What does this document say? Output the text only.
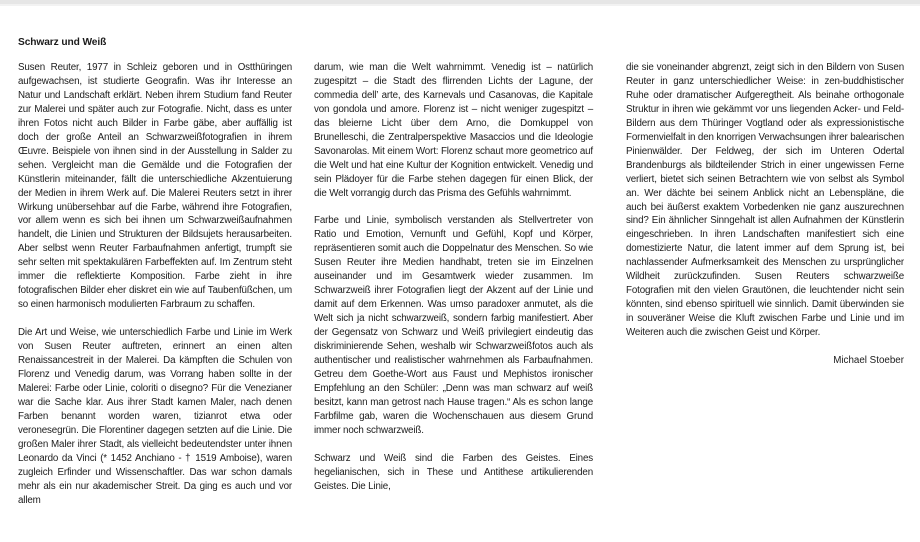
Schwarz und Weiß

Susen Reuter, 1977 in Schleiz geboren und in Ostthüringen aufgewachsen, ist studierte Geografin. Was ihr Interesse an Natur und Landschaft erklärt. Neben ihrem Studium fand Reuter zur Malerei und später auch zur Fotografie. Nicht, dass es unter ihren Fotos nicht auch Bilder in Farbe gäbe, aber auffällig ist doch der große Anteil an Schwarzweißfotografien in ihrem Œuvre. Beispiele von ihnen sind in der Ausstellung in Salder zu sehen. Vergleicht man die Gemälde und die Fotografien der Künstlerin miteinander, fällt die unterschiedliche Akzentuierung der Medien in ihrem Werk auf. Die Malerei Reuters setzt in ihrer Wirkung unübersehbar auf die Farbe, während ihre Fotografien, vor allem wenn es sich bei ihnen um Schwarzweißaufnahmen handelt, die Linien und Strukturen der Bildsujets herausarbeiten. Aber selbst wenn Reuter Farbaufnahmen anfertigt, trumpft sie sehr selten mit spektakulären Farbeffekten auf. Im Zentrum steht immer die reflektierte Komposition. Farbe zieht in ihre fotografischen Bilder eher diskret ein wie auf Taubenfüßchen, um so einen harmonisch modulierten Farbraum zu schaffen.

Die Art und Weise, wie unterschiedlich Farbe und Linie im Werk von Susen Reuter auftreten, erinnert an einen alten Renaissancestreit in der Malerei. Da kämpften die Schulen von Florenz und Venedig darum, was Vorrang haben sollte in der Malerei: Farbe oder Linie, coloriti o disegno? Für die Venezianer war die Sache klar. Aus ihrer Stadt kamen Maler, nach denen Farben benannt worden waren, tizianrot etwa oder veronesegrün. Die Florentiner dagegen setzten auf die Linie. Die großen Maler ihrer Stadt, als vielleicht bedeutendster unter ihnen Leonardo da Vinci (* 1452 Anchiano - † 1519 Amboise), waren zugleich Erfinder und Wissenschaftler. Das war schon damals mehr als ein nur akademischer Streit. Da ging es auch und vor allem

darum, wie man die Welt wahrnimmt. Venedig ist – natürlich zugespitzt – die Stadt des flirrenden Lichts der Lagune, der commedia dell’ arte, des Karnevals und Casanovas, die Kapitale von gondola und amore. Florenz ist – nicht weniger zugespitzt – das bleierne Licht über dem Arno, die Domkuppel von Brunelleschi, die Zentralperspektive Masaccios und die Ideologie Savonarolas. Mit einem Wort: Florenz schaut more geometrico auf die Welt und hat eine Kultur der Kognition entwickelt. Venedig und sein Plädoyer für die Farbe stehen dagegen für einen Blick, der die Welt vorrangig durch das Prisma des Gefühls wahrnimmt.

Farbe und Linie, symbolisch verstanden als Stellvertreter von Ratio und Emotion, Vernunft und Gefühl, Kopf und Körper, repräsentieren somit auch die Doppelnatur des Menschen. So wie Susen Reuter ihre Medien handhabt, treten sie im Einzelnen auseinander und im Gesamtwerk wieder zusammen. Im Schwarzweiß ihrer Fotografien liegt der Akzent auf der Linie und damit auf dem Erkennen. Was umso paradoxer anmutet, als die Welt sich ja nicht schwarzweiß, sondern farbig manifestiert. Aber der Gegensatz von Schwarz und Weiß privilegiert eindeutig das diskriminierende Sehen, weshalb wir Schwarzweißfotos auch als authentischer und realistischer wahrnehmen als Farbaufnahmen. Getreu dem Goethe-Wort aus Faust und Mephistos ironischer Empfehlung an den Schüler: „Denn was man schwarz auf weiß besitzt, kann man getrost nach Hause tragen.“ Als es schon lange Farbfilme gab, waren die Wochenschauen aus diesem Grund immer noch schwarzweiß.

Schwarz und Weiß sind die Farben des Geistes. Eines hegelianischen, sich in These und Antithese artikulierenden Geistes. Die Linie,

die sie voneinander abgrenzt, zeigt sich in den Bildern von Susen Reuter in ganz unterschiedlicher Weise: in zen-buddhistischer Ruhe oder dramatischer Aufgeregtheit. Als beinahe orthogonale Struktur in ihren wie gekämmt vor uns liegenden Acker- und Feld-Bildern aus dem Thüringer Vogtland oder als expressionistische Formenvielfalt in den knorrigen Verwachsungen ihrer balearischen Pinienwälder. Der Feldweg, der sich im Unteren Odertal Brandenburgs als bildteilender Strich in einer ungewissen Ferne verliert, bietet sich seinen Betrachtern wie von selbst als Symbol an. Wer dächte bei seinem Anblick nicht an Lebenspläne, die auch bei äußerst exaktem Vorbedenken nie ganz auszurechnen sind? Ein ähnlicher Sinngehalt ist allen Aufnahmen der Künstlerin eingeschrieben. In ihren Landschaften manifestiert sich eine domestizierte Natur, die latent immer auf dem Sprung ist, bei nachlassender Aufmerksamkeit des Menschen zu ursprünglicher Wildheit zurückzufinden. Susen Reuters schwarzweiße Fotografien mit den vielen Grautönen, die leuchtender nicht sein könnten, sind ebenso spirituell wie sinnlich. Damit überwinden sie in souveräner Weise die Kluft zwischen Farbe und Linie und im Weiteren auch die zwischen Geist und Körper.

Michael Stoeber
